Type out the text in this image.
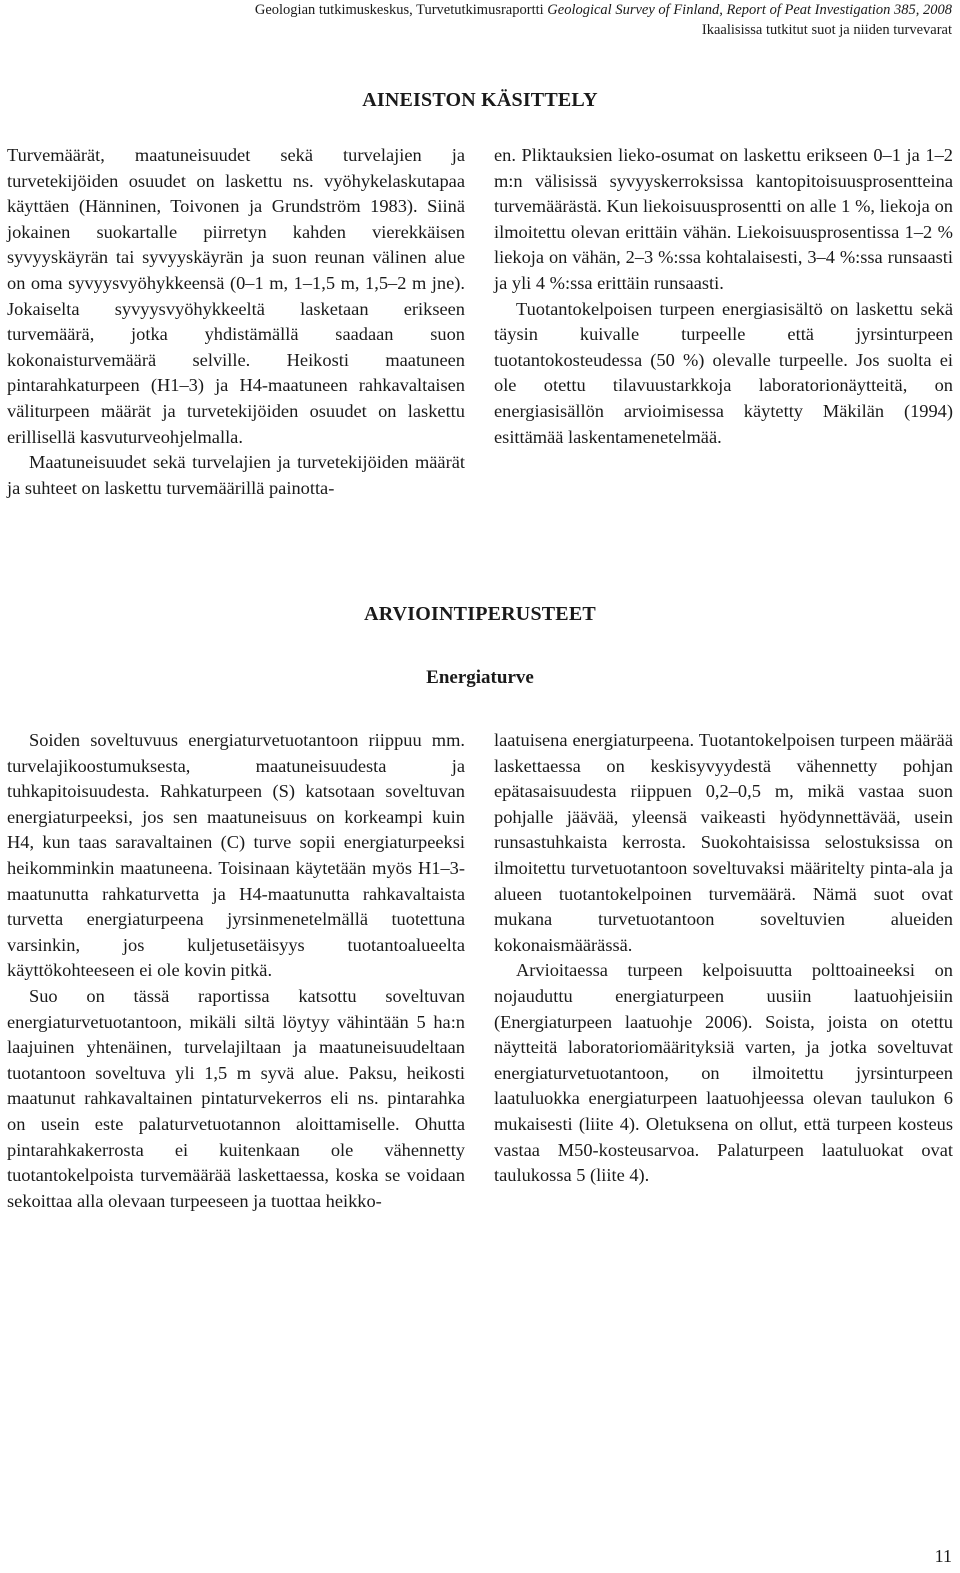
Geologian tutkimuskeskus, Turvetutkimusraportti Geological Survey of Finland, Report of Peat Investigation 385, 2008
Ikaalisissa tutkitut suot ja niiden turvevarat
AINEISTON KÄSITTELY

Turvemäärät, maatuneisuudet sekä turvelajien ja turvetekijöiden osuudet on laskettu ns. vyöhykelaskutapaa käyttäen (Hänninen, Toivonen ja Grundström 1983). Siinä jokainen suokartalle piirretyn kahden vierekkäisen syvyyskäyrän tai syvyyskäyrän ja suon reunan välinen alue on oma syvyysvyöhykkeensä (0–1 m, 1–1,5 m, 1,5–2 m jne). Jokaiselta syvyysvyöhykkeeltä lasketaan erikseen turvemäärä, jotka yhdistämällä saadaan suon kokonaisturvemäärä selville. Heikosti maatuneen pintarahkaturpeen (H1–3) ja H4-maatuneen rahkavaltaisen väliturpeen määrät ja turvetekijöiden osuudet on laskettu erillisellä kasvuturveohjelmalla.

Maatuneisuudet sekä turvelajien ja turvetekijöiden määrät ja suhteet on laskettu turvemäärillä painotta-

en. Pliktauksien lieko-osumat on laskettu erikseen 0–1 ja 1–2 m:n välisissä syvyyskerroksissa kantopitoisuusprosentteina turvemäärästä. Kun liekoisuusprosentti on alle 1 %, liekoja on ilmoitettu olevan erittäin vähän. Liekoisuusprosentissa 1–2 % liekoja on vähän, 2–3 %:ssa kohtalaisesti, 3–4 %:ssa runsaasti ja yli 4 %:ssa erittäin runsaasti.

Tuotantokelpoisen turpeen energiasisältö on laskettu sekä täysin kuivalle turpeelle että jyrsinturpeen tuotantokosteudessa (50 %) olevalle turpeelle. Jos suolta ei ole otettu tilavuustarkkoja laboratorionäytteitä, on energiasisällön arvioimisessa käytetty Mäkilän (1994) esittämää laskentamenetelmää.

ARVIOINTIPERUSTEET
Energiaturve

Soiden soveltuvuus energiaturvetuotantoon riippuu mm. turvelajikoostumuksesta, maatuneisuudesta ja tuhkapitoisuudesta. Rahkaturpeen (S) katsotaan soveltuvan energiaturpeeksi, jos sen maatuneisuus on korkeampi kuin H4, kun taas saravaltainen (C) turve sopii energiaturpeeksi heikomminkin maatuneena. Toisinaan käytetään myös H1–3-maatunutta rahkaturvetta ja H4-maatunutta rahkavaltaista turvetta energiaturpeena jyrsinmenetelmällä tuotettuna varsinkin, jos kuljetusetäisyys tuotantoalueelta käyttökohteeseen ei ole kovin pitkä.

Suo on tässä raportissa katsottu soveltuvan energiaturvetuotantoon, mikäli siltä löytyy vähintään 5 ha:n laajuinen yhtenäinen, turvelajiltaan ja maatuneisuudeltaan tuotantoon soveltuva yli 1,5 m syvä alue. Paksu, heikosti maatunut rahkavaltainen pintaturvekerros eli ns. pintarahka on usein este palaturvetuotannon aloittamiselle. Ohutta pintarahkakerrosta ei kuitenkaan ole vähennetty tuotantokelpoista turvemäärää laskettaessa, koska se voidaan sekoittaa alla olevaan turpeeseen ja tuottaa heikko-

laatuisena energiaturpeena. Tuotantokelpoisen turpeen määrää laskettaessa on keskisyvyydestä vähennetty pohjan epätasaisuudesta riippuen 0,2–0,5 m, mikä vastaa suon pohjalle jäävää, yleensä vaikeasti hyödynnettävää, usein runsastuhkaista kerrosta. Suokohtaisissa selostuksissa on ilmoitettu turvetuotantoon soveltuvaksi määritelty pinta-ala ja alueen tuotantokelpoinen turvemäärä. Nämä suot ovat mukana turvetuotantoon soveltuvien alueiden kokonaismäärässä.

Arvioitaessa turpeen kelpoisuutta polttoaineeksi on nojauduttu energiaturpeen uusiin laatuohjeisiin (Energiaturpeen laatuohje 2006). Soista, joista on otettu näytteitä laboratoriomäärityksiä varten, ja jotka soveltuvat energiaturvetuotantoon, on ilmoitettu jyrsinturpeen laatuluokka energiaturpeen laatuohjeessa olevan taulukon 6 mukaisesti (liite 4). Oletuksena on ollut, että turpeen kosteus vastaa M50-kosteusarvoa. Palaturpeen laatuluokat ovat taulukossa 5 (liite 4).

11
